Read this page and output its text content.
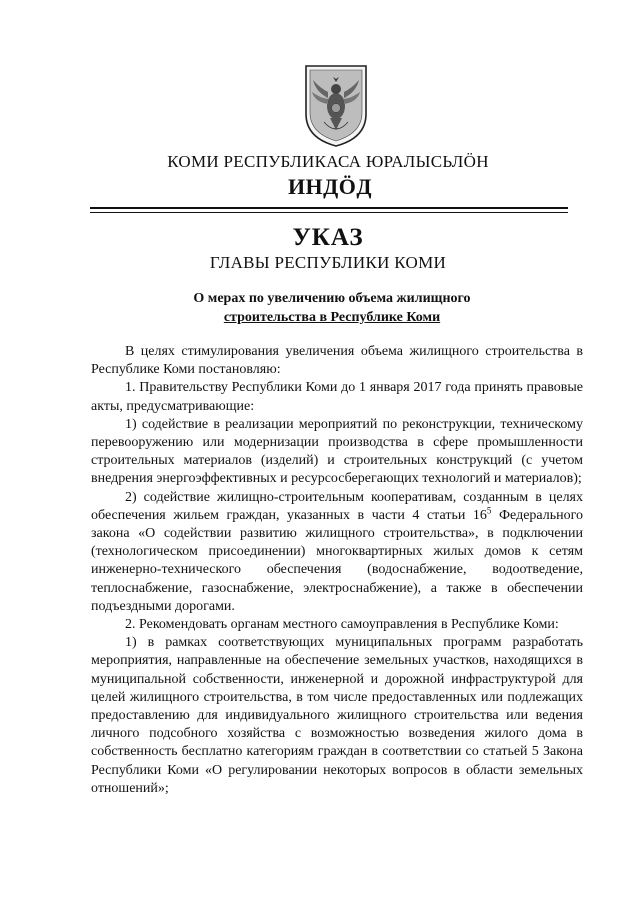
КОМИ РЕСПУБЛИКАСА ЮРАЛЫСЬЛӦН
ИНДӦД
УКАЗ
ГЛАВЫ РЕСПУБЛИКИ КОМИ
О мерах по увеличению объема жилищного
строительства в Республике Коми

В целях стимулирования увеличения объема жилищного строительства в Республике Коми постановляю:

1. Правительству Республики Коми до 1 января 2017 года принять правовые акты, предусматривающие:

1) содействие в реализации мероприятий по реконструкции, техническому перевооружению или модернизации производства в сфере промышленности строительных материалов (изделий) и строительных конструкций (с учетом внедрения энергоэффективных и ресурсосберегающих технологий и материалов);

2) содействие жилищно-строительным кооперативам, созданным в целях обеспечения жильем граждан, указанных в части 4 статьи $16^5$ Федерального закона «О содействии развитию жилищного строительства», в подключении (технологическом присоединении) многоквартирных жилых домов к сетям инженерно-технического обеспечения (водоснабжение, водоотведение, теплоснабжение, газоснабжение, электроснабжение), а также в обеспечении подъездными дорогами.

2. Рекомендовать органам местного самоуправления в Республике Коми:

1) в рамках соответствующих муниципальных программ разработать мероприятия, направленные на обеспечение земельных участков, находящихся в муниципальной собственности, инженерной и дорожной инфраструктурой для целей жилищного строительства, в том числе предоставленных или подлежащих предоставлению для индивидуального жилищного строительства или ведения личного подсобного хозяйства с возможностью возведения жилого дома в собственность бесплатно категориям граждан в соответствии со статьей 5 Закона Республики Коми «О регулировании некоторых вопросов в области земельных отношений»;
